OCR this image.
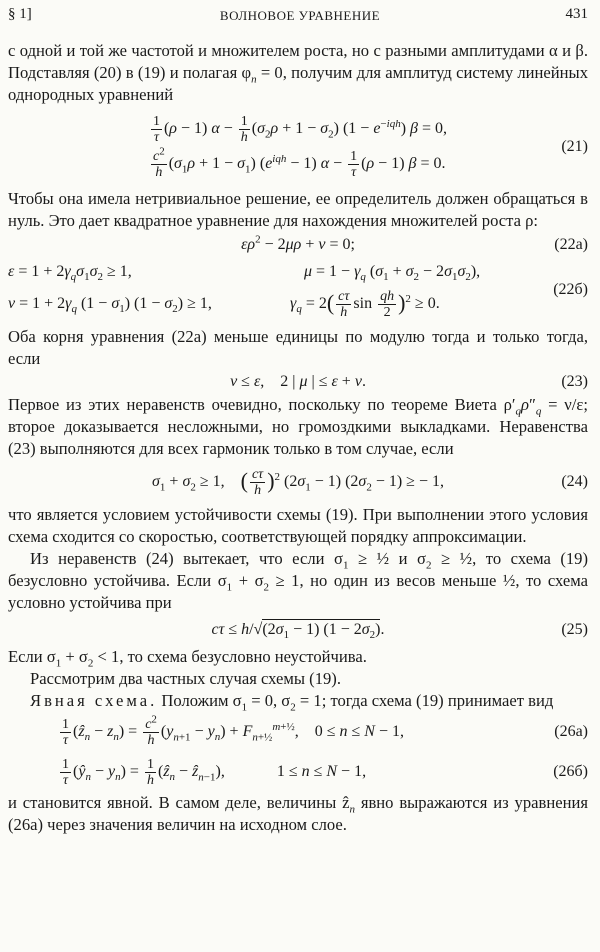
§ 1]	ВОЛНОВОЕ УРАВНЕНИЕ	431

с одной и той же частотой и множителем роста, но с разными амплитудами α и β. Подставляя (20) в (19) и полагая $\varphi_n = 0$, получим для амплитуд систему линейных однородных уравнений

$\frac{1}{\tau} (\rho - 1) \alpha - \frac{1}{h} (\sigma_2\rho + 1 - \sigma_2) (1 - e^{-iqh}) \beta = 0$,
$\frac{c^2}{h} (\sigma_1\rho + 1 - \sigma_1) (e^{iqh} - 1) \alpha - \frac{1}{\tau} (\rho - 1) \beta = 0$.
(21)

Чтобы она имела нетривиальное решение, ее определитель должен обращаться в нуль. Это дает квадратное уравнение для нахождения множителей роста ρ:

$\varepsilon\rho^2 - 2\mu\rho + \nu = 0$;	(22а)
$\varepsilon = 1 + 2\gamma_q\sigma_1\sigma_2 \ge 1$,	$\mu = 1 - \gamma_q$ $(\sigma_1 + \sigma_2 - 2\sigma_1\sigma_2)$,
$\nu = 1 + 2\gamma_q$ $(1 - \sigma_1)$ $(1 - \sigma_2) \ge 1$,	$\gamma_q = 2( \frac{c\tau}{h}$ $\sin \frac{qh}{2} )^2 \ge 0$.
(22б)

Оба корня уравнения (22а) меньше единицы по модулю тогда и только тогда, если

ν ≤ ε,    2 | μ | ≤ ε + ν.	(23)

Первое из этих неравенств очевидно, поскольку по теореме Виета $\rho'_q\rho''_q = \nu/\varepsilon$; второе доказывается несложными, но громоздкими выкладками. Неравенства (23) выполняются для всех гармоник только в том случае, если

$\sigma_1 + \sigma_2 \ge 1$,    ( $\frac{c\tau}{h} )^2$ $(2\sigma_1 - 1) (2\sigma_2 - 1)$ ≥ − 1,	(24)

что является условием устойчивости схемы (19). При выполнении этого условия схема сходится со скоростью, соответствующей порядку аппроксимации.

Из неравенств (24) вытекает, что если $\sigma_1$ ≥ ½ и $\sigma_2$ ≥ ½, то схема (19) безусловно устойчива. Если $\sigma_1 + \sigma_2 \ge 1$, но один из весов меньше ½, то схема условно устойчива при

$c\tau \le h/√(2\sigma_1 - 1) (1 - 2\sigma_2)$.	(25)

Если $\sigma_1 + \sigma_2 < 1$, то схема безусловно неустойчива.

Рассмотрим два частных случая схемы (19).

Явная схема. Положим $\sigma_1 = 0$, $\sigma_2 = 1$; тогда схема (19) принимает вид

$\frac{1}{\tau}$ (ẑ$_n$ − $z_n) = \frac{c^2}{h} (y_{n+1} - y_n) + F_{n+\frac{1}{2}}^{m+\frac{1}{2}}$,    0 ≤ n ≤ N − 1,	(26а)
$\frac{1}{\tau}$ $(ŷ_n - y_n) = \frac{1}{h}$ (ẑ$_n$ − ẑ$_{n-1}$),             1 ≤ n ≤ N − 1,	(26б)

и становится явной. В самом деле, величины ẑ$_n$ явно выражаются из уравнения (26а) через значения величин на исходном слое.
